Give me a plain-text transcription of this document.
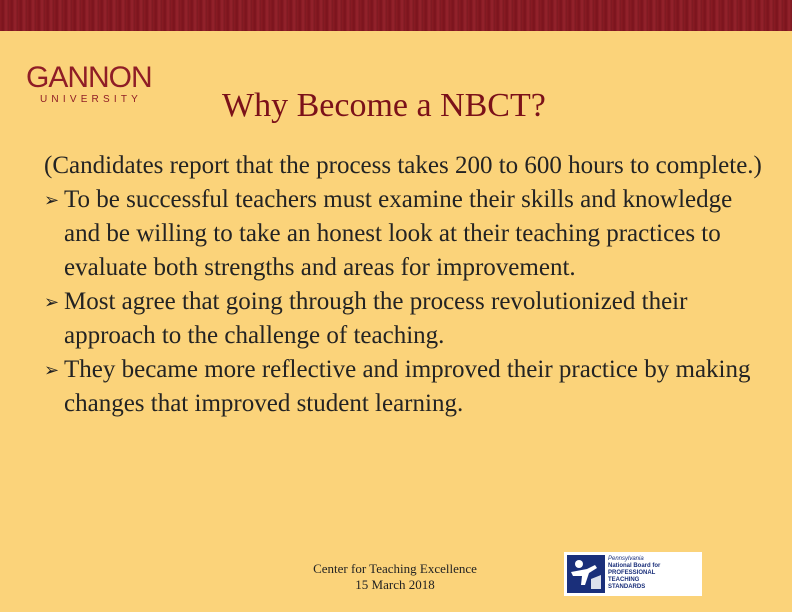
GANNON
UNIVERSITY Why Become a NBCT?
(Candidates report that the process takes 200 to 600 hours to complete.)
➢ To be successful teachers must examine their skills and knowledge and be willing to take an honest look at their teaching practices to evaluate both strengths and areas for improvement.
➢ Most agree that going through the process revolutionized their approach to the challenge of teaching.
➢ They became more reflective and improved their practice by making changes that improved student learning.
Center for Teaching Excellence
15 March 2018
Pennsylvania
National Board for
PROFESSIONAL
TEACHING
STANDARDS
